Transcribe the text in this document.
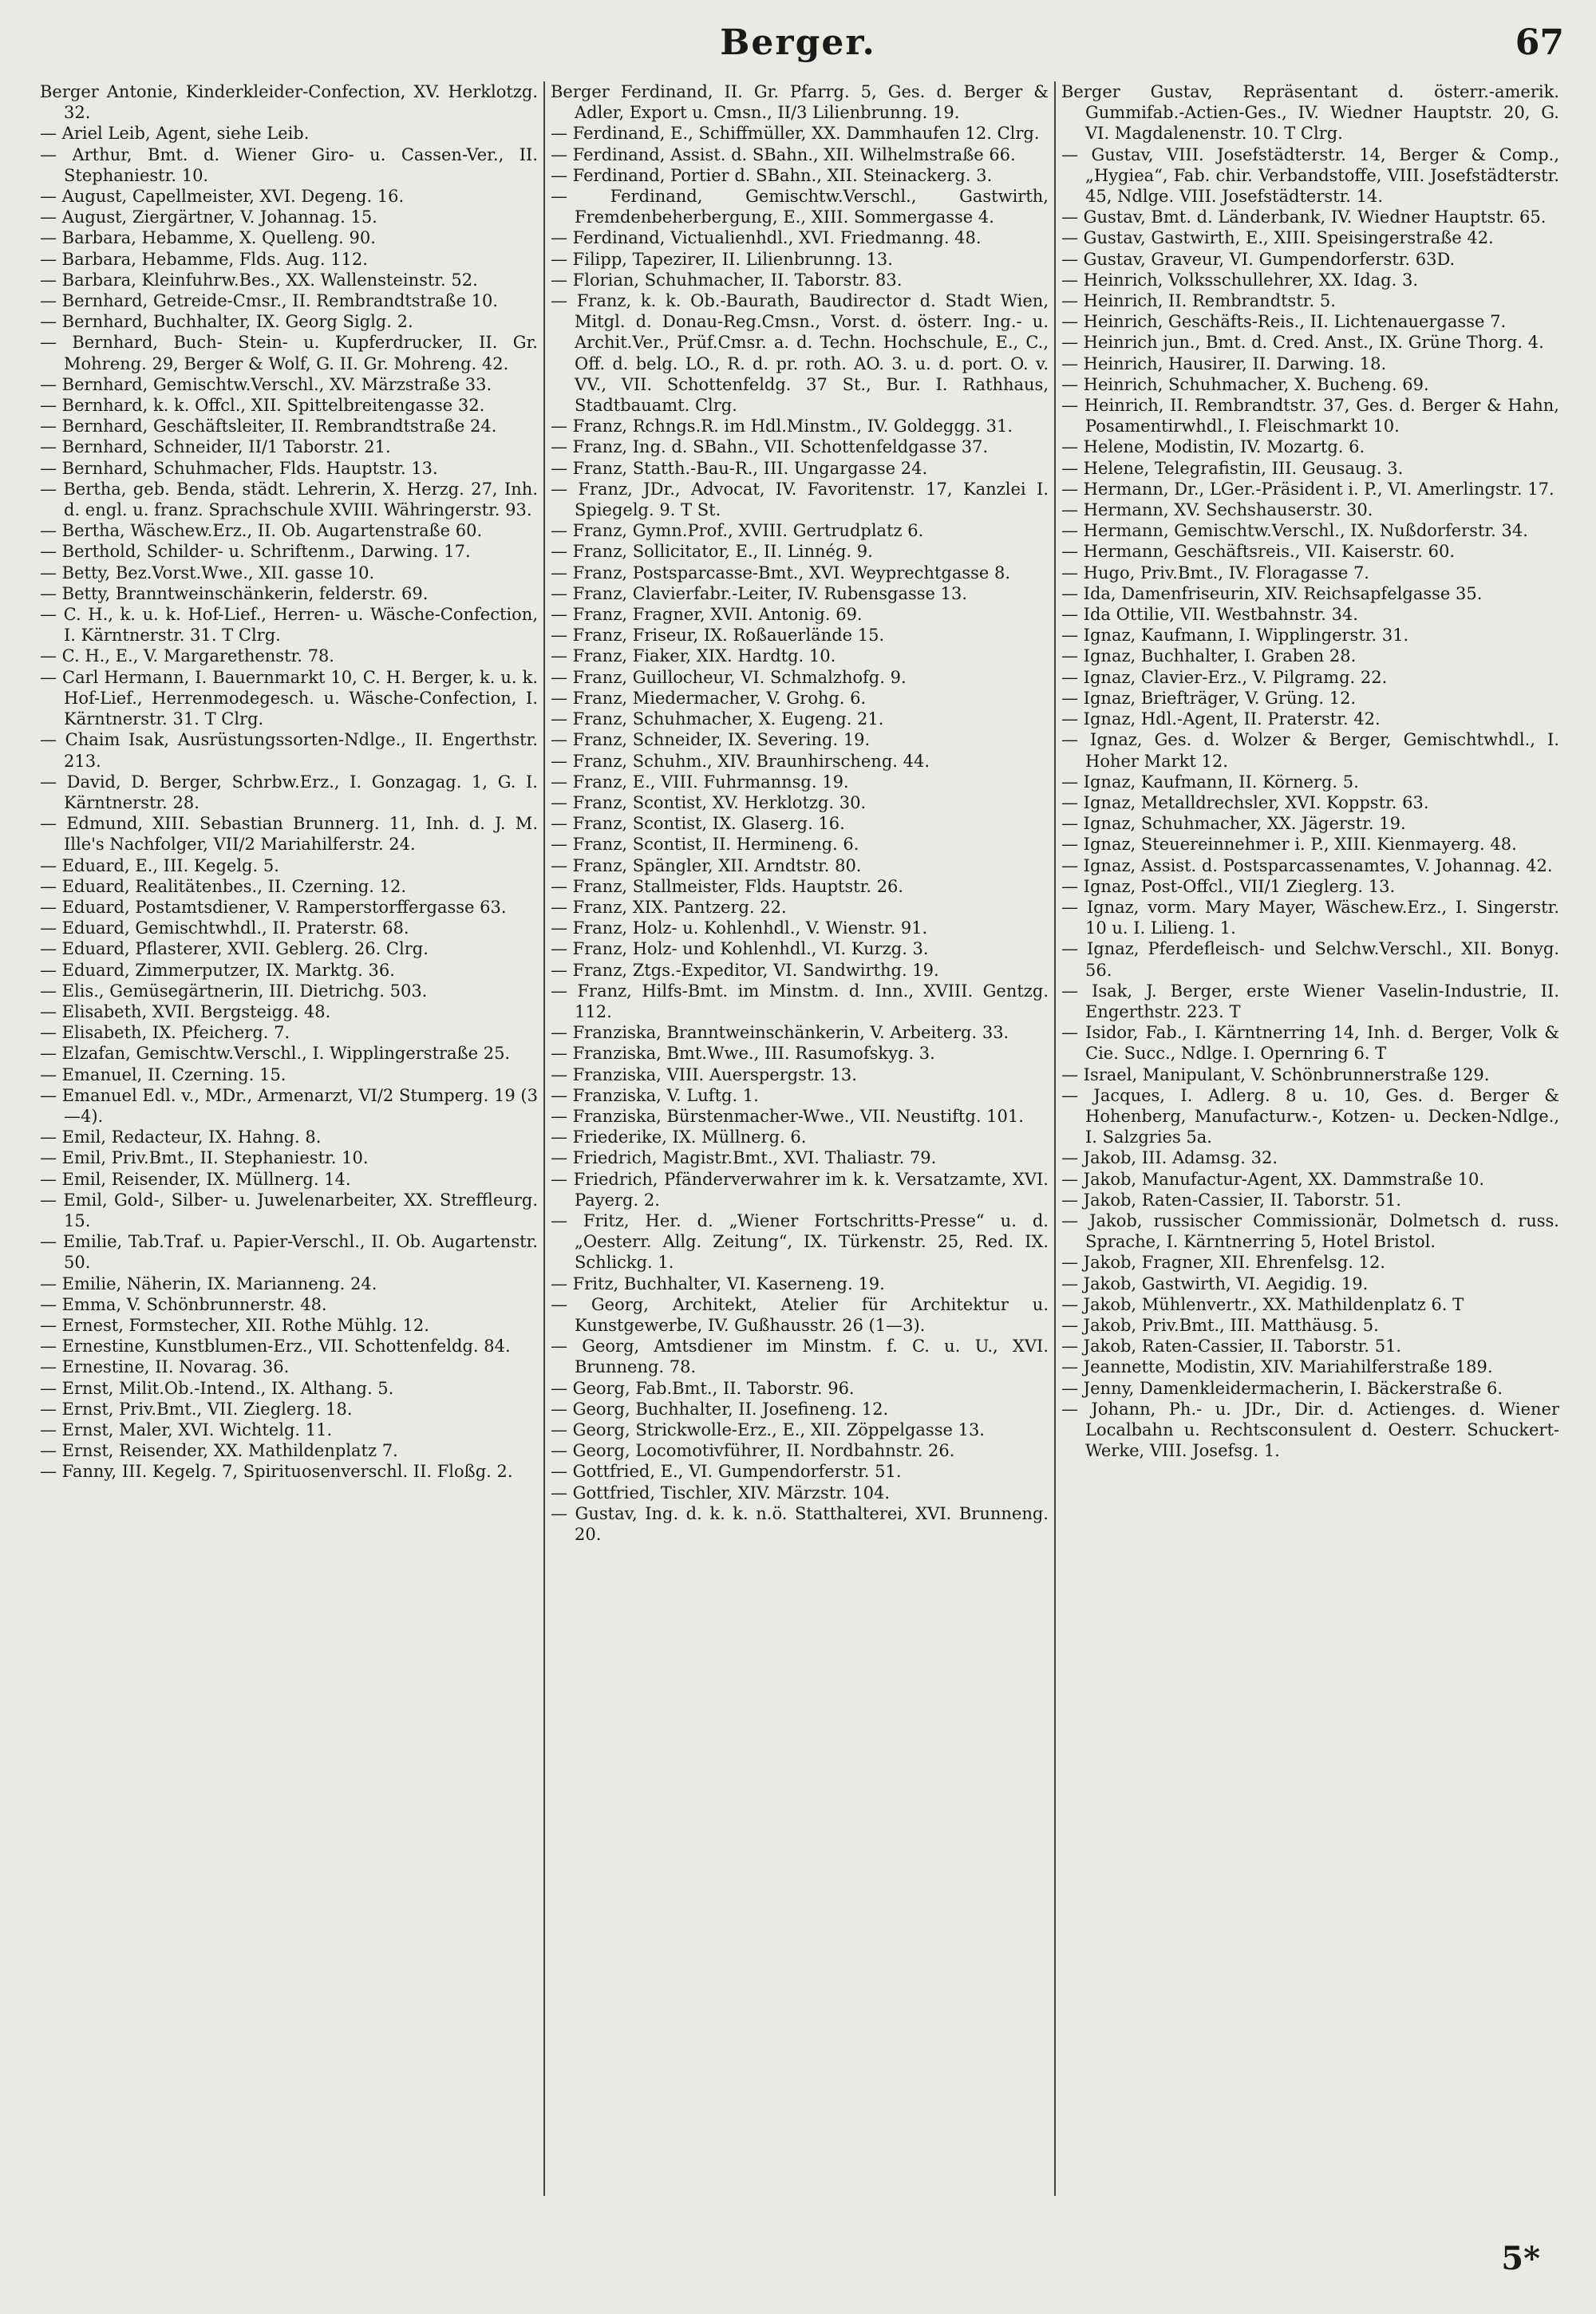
Berger.	67

Berger Antonie, Kinderkleider-Confection, XV. Herklotzg. 32.

— Ariel Leib, Agent, siehe Leib.

— Arthur, Bmt. d. Wiener Giro- u. Cassen-Ver., II. Stephaniestr. 10.

— August, Capellmeister, XVI. Degeng. 16.

— August, Ziergärtner, V. Johannag. 15.

— Barbara, Hebamme, X. Quelleng. 90.

— Barbara, Hebamme, Flds. Aug. 112.

— Barbara, Kleinfuhrw.Bes., XX. Wallensteinstr. 52.

— Bernhard, Getreide-Cmsr., II. Rembrandtstraße 10.

— Bernhard, Buchhalter, IX. Georg Siglg. 2.

— Bernhard, Buch- Stein- u. Kupferdrucker, II. Gr. Mohreng. 29, Berger & Wolf, G. II. Gr. Mohreng. 42.

— Bernhard, Gemischtw.Verschl., XV. Märzstraße 33.

— Bernhard, k. k. Offcl., XII. Spittelbreitengasse 32.

— Bernhard, Geschäftsleiter, II. Rembrandtstraße 24.

— Bernhard, Schneider, II/1 Taborstr. 21.

— Bernhard, Schuhmacher, Flds. Hauptstr. 13.

— Bertha, geb. Benda, städt. Lehrerin, X. Herzg. 27, Inh. d. engl. u. franz. Sprachschule XVIII. Währingerstr. 93.

— Bertha, Wäschew.Erz., II. Ob. Augartenstraße 60.

— Berthold, Schilder- u. Schriftenm., Darwing. 17.

— Betty, Bez.Vorst.Wwe., XII. gasse 10.

— Betty, Branntweinschänkerin, felderstr. 69.

— C. H., k. u. k. Hof-Lief., Herren- u. Wäsche-Confection, I. Kärntnerstr. 31. T Clrg.

— C. H., E., V. Margarethenstr. 78.

— Carl Hermann, I. Bauernmarkt 10, C. H. Berger, k. u. k. Hof-Lief., Herrenmodegesch. u. Wäsche-Confection, I. Kärntnerstr. 31. T Clrg.

— Chaim Isak, Ausrüstungssorten-Ndlge., II. Engerthstr. 213.

— David, D. Berger, Schrbw.Erz., I. Gonzagag. 1, G. I. Kärntnerstr. 28.

— Edmund, XIII. Sebastian Brunnerg. 11, Inh. d. J. M. Ille's Nachfolger, VII/2 Mariahilferstr. 24.

— Eduard, E., III. Kegelg. 5.

— Eduard, Realitätenbes., II. Czerning. 12.

— Eduard, Postamtsdiener, V. Ramperstorffergasse 63.

— Eduard, Gemischtwhdl., II. Praterstr. 68.

— Eduard, Pflasterer, XVII. Geblerg. 26. Clrg.

— Eduard, Zimmerputzer, IX. Marktg. 36.

— Elis., Gemüsegärtnerin, III. Dietrichg. 503.

— Elisabeth, XVII. Bergsteigg. 48.

— Elisabeth, IX. Pfeicherg. 7.

— Elzafan, Gemischtw.Verschl., I. Wipplingerstraße 25.

— Emanuel, II. Czerning. 15.

— Emanuel Edl. v., MDr., Armenarzt, VI/2 Stumperg. 19 (3—4).

— Emil, Redacteur, IX. Hahng. 8.

— Emil, Priv.Bmt., II. Stephaniestr. 10.

— Emil, Reisender, IX. Müllnerg. 14.

— Emil, Gold-, Silber- u. Juwelenarbeiter, XX. Streffleurg. 15.

— Emilie, Tab.Traf. u. Papier-Verschl., II. Ob. Augartenstr. 50.

— Emilie, Näherin, IX. Marianneng. 24.

— Emma, V. Schönbrunnerstr. 48.

— Ernest, Formstecher, XII. Rothe Mühlg. 12.

— Ernestine, Kunstblumen-Erz., VII. Schottenfeldg. 84.

— Ernestine, II. Novarag. 36.

— Ernst, Milit.Ob.-Intend., IX. Althang. 5.

— Ernst, Priv.Bmt., VII. Zieglerg. 18.

— Ernst, Maler, XVI. Wichtelg. 11.

— Ernst, Reisender, XX. Mathildenplatz 7.

— Fanny, III. Kegelg. 7, Spirituosenverschl. II. Floßg. 2.

Berger Ferdinand, II. Gr. Pfarrg. 5, Ges. d. Berger & Adler, Export u. Cmsn., II/3 Lilienbrunng. 19.

— Ferdinand, E., Schiffmüller, XX. Dammhaufen 12. Clrg.

— Ferdinand, Assist. d. SBahn., XII. Wilhelmstraße 66.

— Ferdinand, Portier d. SBahn., XII. Steinackerg. 3.

— Ferdinand, Gemischtw.Verschl., Gastwirth, Fremdenbeherbergung, E., XIII. Sommergasse 4.

— Ferdinand, Victualienhdl., XVI. Friedmanng. 48.

— Filipp, Tapezirer, II. Lilienbrunng. 13.

— Florian, Schuhmacher, II. Taborstr. 83.

— Franz, k. k. Ob.-Baurath, Baudirector d. Stadt Wien, Mitgl. d. Donau-Reg.Cmsn., Vorst. d. österr. Ing.- u. Archit.Ver., Prüf.Cmsr. a. d. Techn. Hochschule, E., C., Off. d. belg. LO., R. d. pr. roth. AO. 3. u. d. port. O. v. VV., VII. Schottenfeldg. 37 St., Bur. I. Rathhaus, Stadtbauamt. Clrg.

— Franz, Rchngs.R. im Hdl.Minstm., IV. Goldeggg. 31.

— Franz, Ing. d. SBahn., VII. Schottenfeldgasse 37.

— Franz, Statth.-Bau-R., III. Ungargasse 24.

— Franz, JDr., Advocat, IV. Favoritenstr. 17, Kanzlei I. Spiegelg. 9. T St.

— Franz, Gymn.Prof., XVIII. Gertrudplatz 6.

— Franz, Sollicitator, E., II. Linnég. 9.

— Franz, Postsparcasse-Bmt., XVI. Weyprechtgasse 8.

— Franz, Clavierfabr.-Leiter, IV. Rubensgasse 13.

— Franz, Fragner, XVII. Antonig. 69.

— Franz, Friseur, IX. Roßauerlände 15.

— Franz, Fiaker, XIX. Hardtg. 10.

— Franz, Guillocheur, VI. Schmalzhofg. 9.

— Franz, Miedermacher, V. Grohg. 6.

— Franz, Schuhmacher, X. Eugeng. 21.

— Franz, Schneider, IX. Severing. 19.

— Franz, Schuhm., XIV. Braunhirscheng. 44.

— Franz, E., VIII. Fuhrmannsg. 19.

— Franz, Scontist, XV. Herklotzg. 30.

— Franz, Scontist, IX. Glaserg. 16.

— Franz, Scontist, II. Hermineng. 6.

— Franz, Spängler, XII. Arndtstr. 80.

— Franz, Stallmeister, Flds. Hauptstr. 26.

— Franz, XIX. Pantzerg. 22.

— Franz, Holz- u. Kohlenhdl., V. Wienstr. 91.

— Franz, Holz- und Kohlenhdl., VI. Kurzg. 3.

— Franz, Ztgs.-Expeditor, VI. Sandwirthg. 19.

— Franz, Hilfs-Bmt. im Minstm. d. Inn., XVIII. Gentzg. 112.

— Franziska, Branntweinschänkerin, V. Arbeiterg. 33.

— Franziska, Bmt.Wwe., III. Rasumofskyg. 3.

— Franziska, VIII. Auerspergstr. 13.

— Franziska, V. Luftg. 1.

— Franziska, Bürstenmacher-Wwe., VII. Neustiftg. 101.

— Friederike, IX. Müllnerg. 6.

— Friedrich, Magistr.Bmt., XVI. Thaliastr. 79.

— Friedrich, Pfänderverwahrer im k. k. Versatzamte, XVI. Payerg. 2.

— Fritz, Her. d. „Wiener Fortschritts-Presse“ u. d. „Oesterr. Allg. Zeitung“, IX. Türkenstr. 25, Red. IX. Schlickg. 1.

— Fritz, Buchhalter, VI. Kaserneng. 19.

— Georg, Architekt, Atelier für Architektur u. Kunstgewerbe, IV. Gußhausstr. 26 (1—3).

— Georg, Amtsdiener im Minstm. f. C. u. U., XVI. Brunneng. 78.

— Georg, Fab.Bmt., II. Taborstr. 96.

— Georg, Buchhalter, II. Josefineng. 12.

— Georg, Strickwolle-Erz., E., XII. Zöppelgasse 13.

— Georg, Locomotivführer, II. Nordbahnstr. 26.

— Gottfried, E., VI. Gumpendorferstr. 51.

— Gottfried, Tischler, XIV. Märzstr. 104.

— Gustav, Ing. d. k. k. n.ö. Statthalterei, XVI. Brunneng. 20.

Berger Gustav, Repräsentant d. österr.-amerik. Gummifab.-Actien-Ges., IV. Wiedner Hauptstr. 20, G. VI. Magdalenenstr. 10. T Clrg.

— Gustav, VIII. Josefstädterstr. 14, Berger & Comp., „Hygiea“, Fab. chir. Verbandstoffe, VIII. Josefstädterstr. 45, Ndlge. VIII. Josefstädterstr. 14.

— Gustav, Bmt. d. Länderbank, IV. Wiedner Hauptstr. 65.

— Gustav, Gastwirth, E., XIII. Speisingerstraße 42.

— Gustav, Graveur, VI. Gumpendorferstr. 63D.

— Heinrich, Volksschullehrer, XX. Idag. 3.

— Heinrich, II. Rembrandtstr. 5.

— Heinrich, Geschäfts-Reis., II. Lichtenauergasse 7.

— Heinrich jun., Bmt. d. Cred. Anst., IX. Grüne Thorg. 4.

— Heinrich, Hausirer, II. Darwing. 18.

— Heinrich, Schuhmacher, X. Bucheng. 69.

— Heinrich, II. Rembrandtstr. 37, Ges. d. Berger & Hahn, Posamentirwhdl., I. Fleischmarkt 10.

— Helene, Modistin, IV. Mozartg. 6.

— Helene, Telegrafistin, III. Geusaug. 3.

— Hermann, Dr., LGer.-Präsident i. P., VI. Amerlingstr. 17.

— Hermann, XV. Sechshauserstr. 30.

— Hermann, Gemischtw.Verschl., IX. Nußdorferstr. 34.

— Hermann, Geschäftsreis., VII. Kaiserstr. 60.

— Hugo, Priv.Bmt., IV. Floragasse 7.

— Ida, Damenfriseurin, XIV. Reichsapfelgasse 35.

— Ida Ottilie, VII. Westbahnstr. 34.

— Ignaz, Kaufmann, I. Wipplingerstr. 31.

— Ignaz, Buchhalter, I. Graben 28.

— Ignaz, Clavier-Erz., V. Pilgramg. 22.

— Ignaz, Briefträger, V. Grüng. 12.

— Ignaz, Hdl.-Agent, II. Praterstr. 42.

— Ignaz, Ges. d. Wolzer & Berger, Gemischtwhdl., I. Hoher Markt 12.

— Ignaz, Kaufmann, II. Körnerg. 5.

— Ignaz, Metalldrechsler, XVI. Koppstr. 63.

— Ignaz, Schuhmacher, XX. Jägerstr. 19.

— Ignaz, Steuereinnehmer i. P., XIII. Kienmayerg. 48.

— Ignaz, Assist. d. Postsparcassenamtes, V. Johannag. 42.

— Ignaz, Post-Offcl., VII/1 Zieglerg. 13.

— Ignaz, vorm. Mary Mayer, Wäschew.Erz., I. Singerstr. 10 u. I. Lilieng. 1.

— Ignaz, Pferdefleisch- und Selchw.Verschl., XII. Bonyg. 56.

— Isak, J. Berger, erste Wiener Vaselin-Industrie, II. Engerthstr. 223. T

— Isidor, Fab., I. Kärntnerring 14, Inh. d. Berger, Volk & Cie. Succ., Ndlge. I. Opernring 6. T

— Israel, Manipulant, V. Schönbrunnerstraße 129.

— Jacques, I. Adlerg. 8 u. 10, Ges. d. Berger & Hohenberg, Manufacturw.-, Kotzen- u. Decken-Ndlge., I. Salzgries 5a.

— Jakob, III. Adamsg. 32.

— Jakob, Manufactur-Agent, XX. Dammstraße 10.

— Jakob, Raten-Cassier, II. Taborstr. 51.

— Jakob, russischer Commissionär, Dolmetsch d. russ. Sprache, I. Kärntnerring 5, Hotel Bristol.

— Jakob, Fragner, XII. Ehrenfelsg. 12.

— Jakob, Gastwirth, VI. Aegidig. 19.

— Jakob, Mühlenvertr., XX. Mathildenplatz 6. T

— Jakob, Priv.Bmt., III. Matthäusg. 5.

— Jakob, Raten-Cassier, II. Taborstr. 51.

— Jeannette, Modistin, XIV. Mariahilferstraße 189.

— Jenny, Damenkleidermacherin, I. Bäckerstraße 6.

— Johann, Ph.- u. JDr., Dir. d. Actienges. d. Wiener Localbahn u. Rechtsconsulent d. Oesterr. Schuckert-Werke, VIII. Josefsg. 1.

5*
